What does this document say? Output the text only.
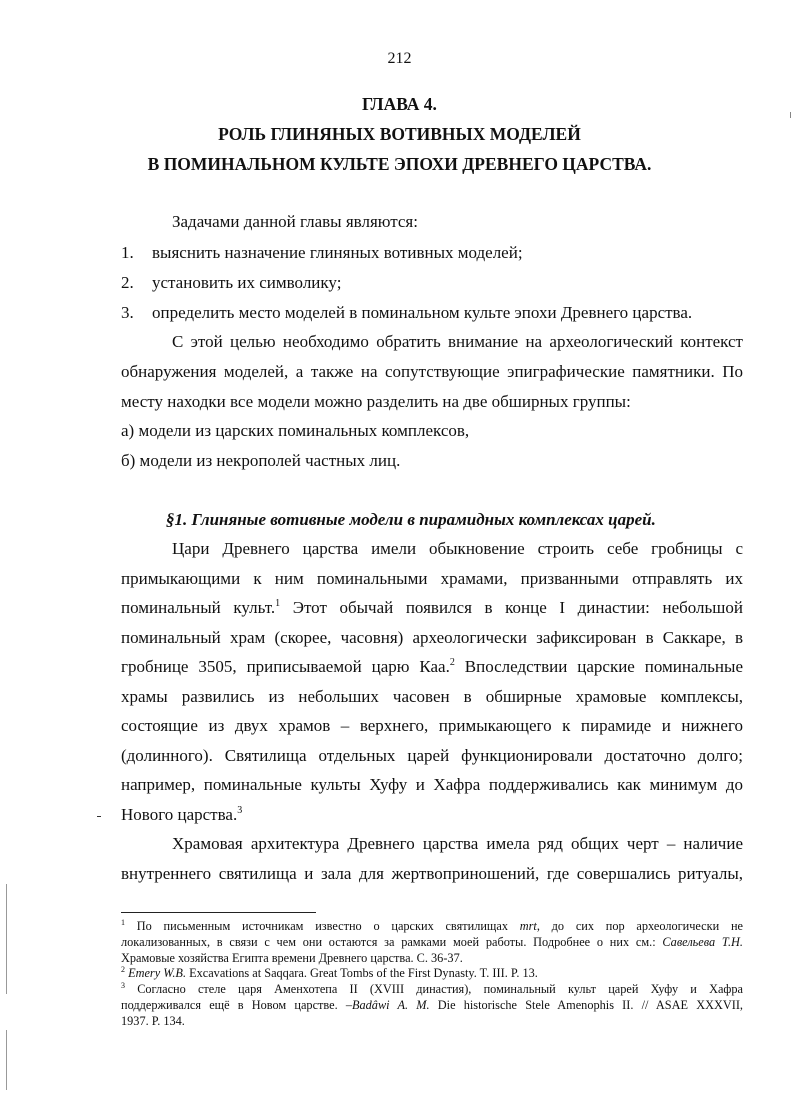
212
ГЛАВА 4.
РОЛЬ ГЛИНЯНЫХ ВОТИВНЫХ МОДЕЛЕЙ
В ПОМИНАЛЬНОМ КУЛЬТЕ ЭПОХИ ДРЕВНЕГО ЦАРСТВА.
Задачами данной главы являются:
1. выяснить назначение глиняных вотивных моделей;
2. установить их символику;
3. определить место моделей в поминальном культе эпохи Древнего царства.
С этой целью необходимо обратить внимание на археологический контекст
обнаружения моделей, а также на сопутствующие эпиграфические памятники. По
месту находки все модели можно разделить на две обширных группы:
а) модели из царских поминальных комплексов,
б) модели из некрополей частных лиц.
§1. Глиняные вотивные модели в пирамидных комплексах царей.
Цари Древнего царства имели обыкновение строить себе гробницы с
примыкающими к ним поминальными храмами, призванными отправлять их
поминальный культ.$^1$ Этот обычай появился в конце I династии: небольшой
поминальный храм (скорее, часовня) археологически зафиксирован в Саккаре, в
гробнице 3505, приписываемой царю Каа.$^2$ Впоследствии царские поминальные
храмы развились из небольших часовен в обширные храмовые комплексы,
состоящие из двух храмов – верхнего, примыкающего к пирамиде и нижнего
(долинного). Святилища отдельных царей функционировали достаточно долго;
например, поминальные культы Хуфу и Хафра поддерживались как минимум до
Нового царства.$^3$
Храмовая архитектура Древнего царства имела ряд общих черт – наличие
внутреннего святилища и зала для жертвоприношений, где совершались ритуалы,
$^1$ По письменным источникам известно о царских святилищах mrt, до сих пор археологически не
локализованных, в связи с чем они остаются за рамками моей работы. Подробнее о них см.: Савельева Т.Н.
Храмовые хозяйства Египта времени Древнего царства. С. 36-37.
$^2$ Emery W.B. Excavations at Saqqara. Great Tombs of the First Dynasty. T. III. P. 13.
$^3$ Согласно стеле царя Аменхотепа II (XVIII династия), поминальный культ царей Хуфу и Хафра
поддерживался ещё в Новом царстве. –Badâwi A. M. Die historische Stele Amenophis II. // ASAE XXXVII,
1937. P. 134.
